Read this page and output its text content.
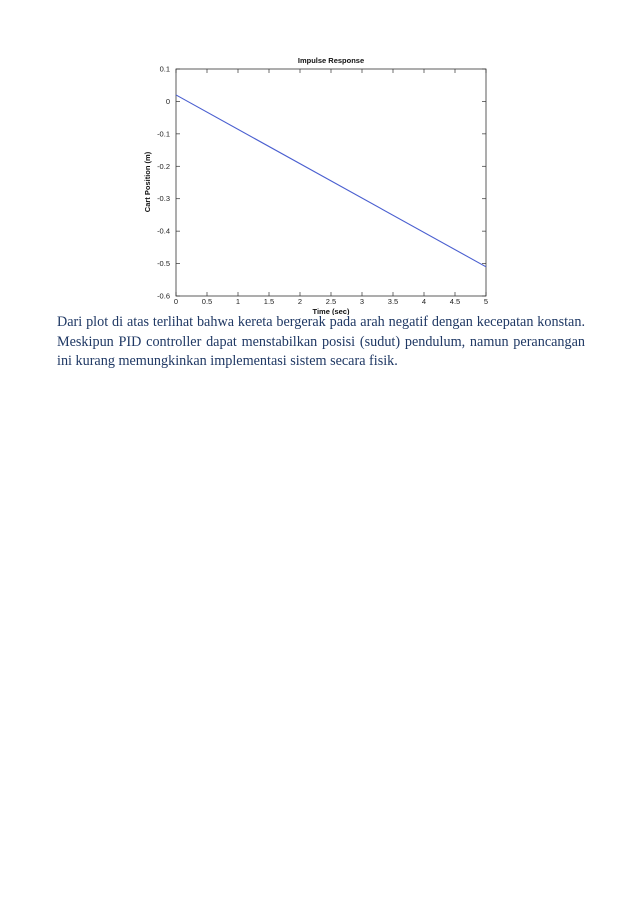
Impulse Response
0	0.5	1	1.5	2	2.5	3	3.5	4	4.5	5
0.1
0
-0.1
-0.2
-0.3
-0.4
-0.5
-0.6
Time (sec)
Cart Position (m)

Dari plot di atas terlihat bahwa kereta bergerak pada arah negatif dengan kecepatan konstan. Meskipun PID controller dapat menstabilkan posisi (sudut) pendulum, namun perancangan ini kurang memungkinkan implementasi sistem secara fisik.
